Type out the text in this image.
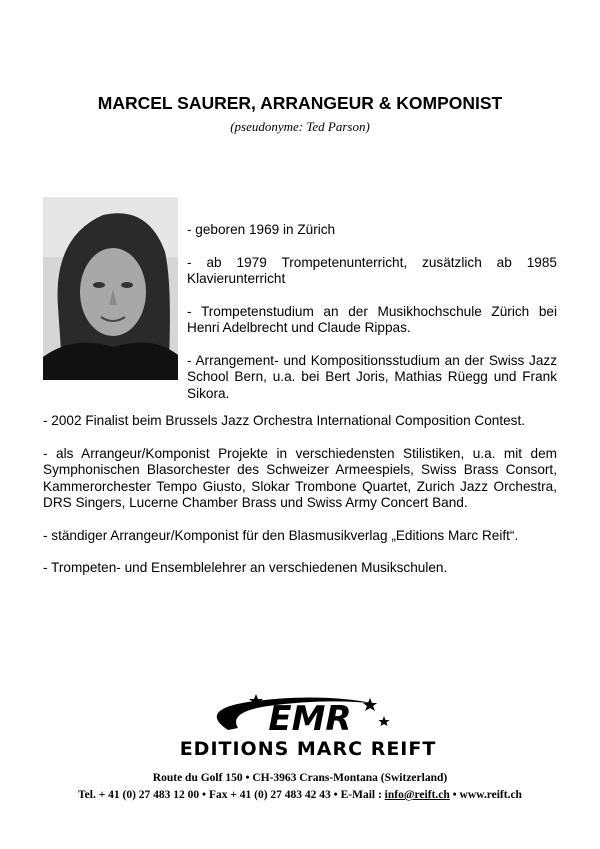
MARCEL SAURER, ARRANGEUR & KOMPONIST
(pseudonyme: Ted Parson)

- geboren 1969 in Zürich

- ab 1979 Trompetenunterricht, zusätzlich ab 1985 Klavierunterricht

- Trompetenstudium an der Musikhochschule Zürich bei Henri Adelbrecht und Claude Rippas.

- Arrangement- und Kompositionsstudium an der Swiss Jazz School Bern, u.a. bei Bert Joris, Mathias Rüegg und Frank Sikora.

- 2002 Finalist beim Brussels Jazz Orchestra International Composition Contest.

- als Arrangeur/Komponist Projekte in verschiedensten Stilistiken, u.a. mit dem Symphonischen Blasorchester des Schweizer Armeespiels, Swiss Brass Consort, Kammerorchester Tempo Giusto, Slokar Trombone Quartet, Zurich Jazz Orchestra, DRS Singers, Lucerne Chamber Brass und Swiss Army Concert Band.

- ständiger Arrangeur/Komponist für den Blasmusikverlag „Editions Marc Reift“.

- Trompeten- und Ensemblelehrer an verschiedenen Musikschulen.

EMR
EDITIONS MARC REIFT
Route du Golf 150 • CH-3963 Crans-Montana (Switzerland)
Tel. + 41 (0) 27 483 12 00 • Fax + 41 (0) 27 483 42 43 • E-Mail : info@reift.ch • www.reift.ch
